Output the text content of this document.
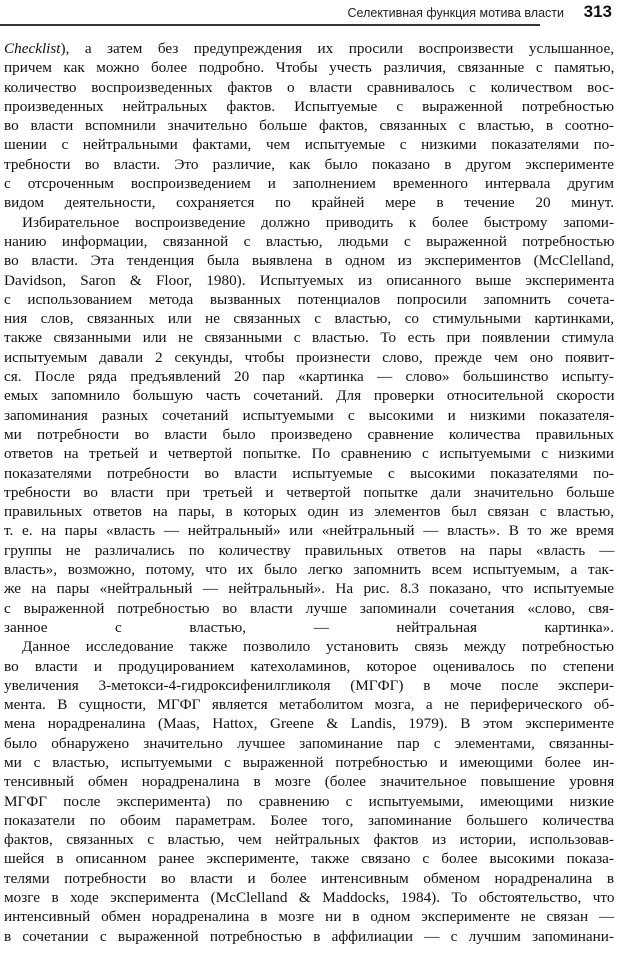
Селективная функция мотива власти 313
Checklist), а затем без предупреждения их просили воспроизвести услышанное,
причем как можно более подробно. Чтобы учесть различия, связанные с памятью,
количество воспроизведенных фактов о власти сравнивалось с количеством вос-
произведенных нейтральных фактов. Испытуемые с выраженной потребностью
во власти вспомнили значительно больше фактов, связанных с властью, в соотно-
шении с нейтральными фактами, чем испытуемые с низкими показателями по-
требности во власти. Это различие, как было показано в другом эксперименте
с отсроченным воспроизведением и заполнением временного интервала другим
видом деятельности, сохраняется по крайней мере в течение 20 минут.
Избирательное воспроизведение должно приводить к более быстрому запоми-
нанию информации, связанной с властью, людьми с выраженной потребностью
во власти. Эта тенденция была выявлена в одном из экспериментов (McClelland,
Davidson, Saron & Floor, 1980). Испытуемых из описанного выше эксперимента
с использованием метода вызванных потенциалов попросили запомнить сочета-
ния слов, связанных или не связанных с властью, со стимульными картинками,
также связанными или не связанными с властью. То есть при появлении стимула
испытуемым давали 2 секунды, чтобы произнести слово, прежде чем оно появит-
ся. После ряда предъявлений 20 пар «картинка — слово» большинство испыту-
емых запомнило большую часть сочетаний. Для проверки относительной скорости
запоминания разных сочетаний испытуемыми с высокими и низкими показателя-
ми потребности во власти было произведено сравнение количества правильных
ответов на третьей и четвертой попытке. По сравнению с испытуемыми с низкими
показателями потребности во власти испытуемые с высокими показателями по-
требности во власти при третьей и четвертой попытке дали значительно больше
правильных ответов на пары, в которых один из элементов был связан с властью,
т. е. на пары «власть — нейтральный» или «нейтральный — власть». В то же время
группы не различались по количеству правильных ответов на пары «власть —
власть», возможно, потому, что их было легко запомнить всем испытуемым, а так-
же на пары «нейтральный — нейтральный». На рис. 8.3 показано, что испытуемые
с выраженной потребностью во власти лучше запоминали сочетания «слово, свя-
занное с властью, — нейтральная картинка».
Данное исследование также позволило установить связь между потребностью
во власти и продуцированием катехоламинов, которое оценивалось по степени
увеличения 3-метокси-4-гидроксифенилгликоля (МГФГ) в моче после экспери-
мента. В сущности, МГФГ является метаболитом мозга, а не периферического об-
мена норадреналина (Maas, Hattox, Greene & Landis, 1979). В этом эксперименте
было обнаружено значительно лучшее запоминание пар с элементами, связанны-
ми с властью, испытуемыми с выраженной потребностью и имеющими более ин-
тенсивный обмен норадреналина в мозге (более значительное повышение уровня
МГФГ после эксперимента) по сравнению с испытуемыми, имеющими низкие
показатели по обоим параметрам. Более того, запоминание большего количества
фактов, связанных с властью, чем нейтральных фактов из истории, использовав-
шейся в описанном ранее эксперименте, также связано с более высокими показа-
телями потребности во власти и более интенсивным обменом норадреналина в
мозге в ходе эксперимента (McClelland & Maddocks, 1984). То обстоятельство, что
интенсивный обмен норадреналина в мозге ни в одном эксперименте не связан —
в сочетании с выраженной потребностью в аффилиации — с лучшим запоминани-
